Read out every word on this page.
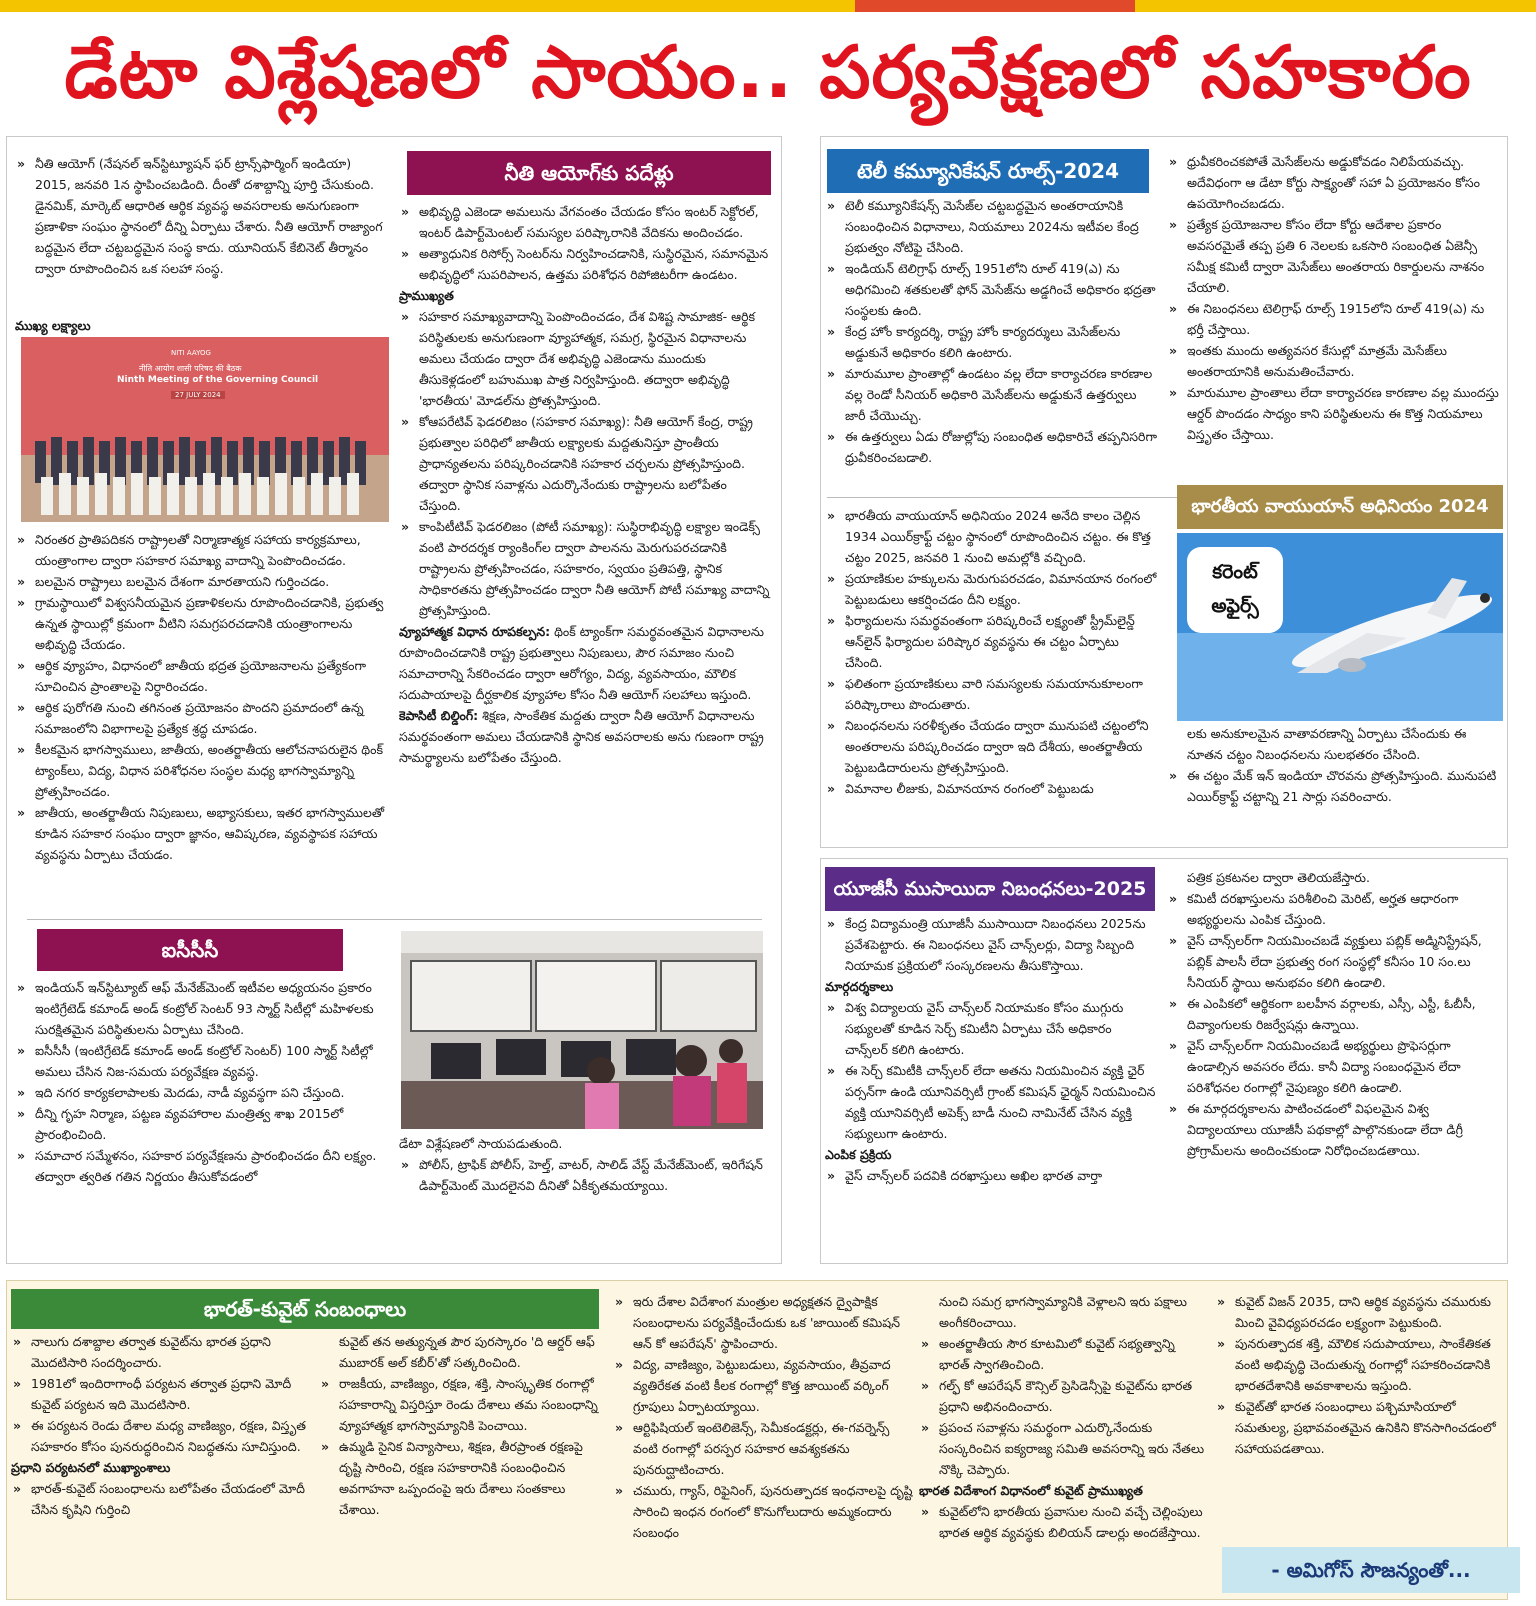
డేటా విశ్లేషణలో సాయం.. పర్యవేక్షణలో సహకారం
» నీతి ఆయోగ్ (నేషనల్ ఇన్‌స్టిట్యూషన్ ఫర్ ట్రాన్స్‌ఫార్మింగ్ ఇండియా) 2015, జనవరి 1న స్థాపించబడింది. దీంతో దశాబ్దాన్ని పూర్తి చేసుకుంది. డైనమిక్, మార్కెట్ ఆధారిత ఆర్థిక వ్యవస్థ అవసరాలకు అనుగుణంగా ప్రణాళికా సంఘం స్థానంలో దీన్ని ఏర్పాటు చేశారు. నీతి ఆయోగ్ రాజ్యాంగ బద్ధమైన లేదా చట్టబద్ధమైన సంస్థ కాదు. యూనియన్ కేబినెట్ తీర్మానం ద్వారా రూపొందించిన ఒక సలహా సంస్థ.
ముఖ్య లక్ష్యాలు
NITI AAYOG
नीति आयोग शासी परिषद की बैठक
Ninth Meeting of the Governing Council
27 JULY 2024
» నిరంతర ప్రాతిపదికన రాష్ట్రాలతో నిర్మాణాత్మక సహాయ కార్యక్రమాలు, యంత్రాంగాల ద్వారా సహకార సమాఖ్య వాదాన్ని పెంపొందించడం.
» బలమైన రాష్ట్రాలు బలమైన దేశంగా మారతాయని గుర్తించడం.
» గ్రామస్థాయిలో విశ్వసనీయమైన ప్రణాళికలను రూపొందించడానికి, ప్రభుత్వ ఉన్నత స్థాయిల్లో క్రమంగా వీటిని సమగ్రపరచడానికి యంత్రాంగాలను అభివృద్ధి చేయడం.
» ఆర్థిక వ్యూహం, విధానంలో జాతీయ భద్రత ప్రయోజనాలను ప్రత్యేకంగా సూచించిన ప్రాంతాలపై నిర్ధారించడం.
» ఆర్థిక పురోగతి నుంచి తగినంత ప్రయోజనం పొందని ప్రమాదంలో ఉన్న సమాజంలోని విభాగాలపై ప్రత్యేక శ్రద్ధ చూపడం.
» కీలకమైన భాగస్వాములు, జాతీయ, అంతర్జాతీయ ఆలోచనాపరులైన థింక్ ట్యాంక్‌లు, విద్య, విధాన పరిశోధనల సంస్థల మధ్య భాగస్వామ్యాన్ని ప్రోత్సహించడం.
» జాతీయ, అంతర్జాతీయ నిపుణులు, అభ్యాసకులు, ఇతర భాగస్వాములతో కూడిన సహకార సంఘం ద్వారా జ్ఞానం, ఆవిష్కరణ, వ్యవస్థాపక సహాయ వ్యవస్థను ఏర్పాటు చేయడం.
నీతి ఆయోగ్‌కు పదేళ్లు
» అభివృద్ధి ఎజెండా అమలును వేగవంతం చేయడం కోసం ఇంటర్ సెక్టోరల్, ఇంటర్ డిపార్ట్‌మెంటల్ సమస్యల పరిష్కారానికి వేదికను అందించడం.
» అత్యాధునిక రిసోర్స్ సెంటర్‌ను నిర్వహించడానికి, సుస్థిరమైన, సమానమైన అభివృద్ధిలో సుపరిపాలన, ఉత్తమ పరిశోధన రిపోజిటరీగా ఉండటం.
ప్రాముఖ్యత
» సహకార సమాఖ్యవాదాన్ని పెంపొందించడం, దేశ విశిష్ట సామాజిక- ఆర్థిక పరిస్థితులకు అనుగుణంగా వ్యూహాత్మక, సమగ్ర, స్థిరమైన విధానాలను అమలు చేయడం ద్వారా దేశ అభివృద్ధి ఎజెండాను ముందుకు తీసుకెళ్లడంలో బహుముఖ పాత్ర నిర్వహిస్తుంది. తద్వారా అభివృద్ధి 'భారతీయ' మోడల్‌ను ప్రోత్సహిస్తుంది.
» కోఆపరేటివ్ ఫెడరలిజం (సహకార సమాఖ్య): నీతి ఆయోగ్ కేంద్ర, రాష్ట్ర ప్రభుత్వాల పరిధిలో జాతీయ లక్ష్యాలకు మద్దతునిస్తూ ప్రాంతీయ ప్రాధాన్యతలను పరిష్కరించడానికి సహకార చర్చలను ప్రోత్సహిస్తుంది. తద్వారా స్థానిక సవాళ్లను ఎదుర్కొనేందుకు రాష్ట్రాలను బలోపేతం చేస్తుంది.
» కాంపిటీటివ్ ఫెడరలిజం (పోటీ సమాఖ్య): సుస్థిరాభివృద్ధి లక్ష్యాల ఇండెక్స్ వంటి పారదర్శక ర్యాంకింగ్‌ల ద్వారా పాలనను మెరుగుపరచడానికి రాష్ట్రాలను ప్రోత్సహించడం, సహకారం, స్వయం ప్రతిపత్తి, స్థానిక సాధికారతను ప్రోత్సహించడం ద్వారా నీతి ఆయోగ్ పోటీ సమాఖ్య వాదాన్ని ప్రోత్సహిస్తుంది.
వ్యూహాత్మక విధాన రూపకల్పన: థింక్ ట్యాంక్‌గా సమర్థవంతమైన విధానాలను రూపొందించడానికి రాష్ట్ర ప్రభుత్వాలు నిపుణులు, పౌర సమాజం నుంచి సమాచారాన్ని సేకరించడం ద్వారా ఆరోగ్యం, విద్య, వ్యవసాయం, మౌలిక సదుపాయాలపై దీర్ఘకాలిక వ్యూహాల కోసం నీతి ఆయోగ్ సలహాలు ఇస్తుంది.
కెపాసిటీ బిల్డింగ్: శిక్షణ, సాంకేతిక మద్దతు ద్వారా నీతి ఆయోగ్ విధానాలను సమర్థవంతంగా అమలు చేయడానికి స్థానిక అవసరాలకు అను గుణంగా రాష్ట్ర సామర్థ్యాలను బలోపేతం చేస్తుంది.
ఐసీసీసీ
» ఇండియన్ ఇన్‌స్టిట్యూట్ ఆఫ్ మేనేజ్‌మెంట్ ఇటీవల అధ్యయనం ప్రకారం ఇంటిగ్రేటెడ్ కమాండ్ అండ్ కంట్రోల్ సెంటర్ 93 స్మార్ట్ సిటీల్లో మహిళలకు సురక్షితమైన పరిస్థితులను ఏర్పాటు చేసింది.
» ఐసీసీసీ (ఇంటిగ్రేటెడ్ కమాండ్ అండ్ కంట్రోల్ సెంటర్) 100 స్మార్ట్ సిటీల్లో అమలు చేసిన నిజ-సమయ పర్యవేక్షణ వ్యవస్థ.
» ఇది నగర కార్యకలాపాలకు మెదడు, నాడీ వ్యవస్థగా పని చేస్తుంది.
» దీన్ని గృహ నిర్మాణ, పట్టణ వ్యవహారాల మంత్రిత్వ శాఖ 2015లో ప్రారంభించింది.
» సమాచార సమ్మేళనం, సహకార పర్యవేక్షణను ప్రారంభించడం దీని లక్ష్యం. తద్వారా త్వరిత గతిన నిర్ణయం తీసుకోవడంలో
డేటా విశ్లేషణలో సాయపడుతుంది.
» పోలీస్, ట్రాఫిక్ పోలీస్, హెల్త్, వాటర్, సాలిడ్ వేస్ట్ మేనేజ్‌మెంట్, ఇరిగేషన్ డిపార్ట్‌మెంట్ మొదలైనవి దీనితో ఏకీకృతమయ్యాయి.
టెలీ కమ్యూనికేషన్ రూల్స్-2024
» టెలీ కమ్యూనికేషన్స్ మెసేజ్‌ల చట్టబద్ధమైన అంతరాయానికి సంబంధించిన విధానాలు, నియమాలు 2024ను ఇటీవల కేంద్ర ప్రభుత్వం నోటిఫై చేసింది.
» ఇండియన్ టెలిగ్రాఫ్ రూల్స్ 1951లోని రూల్ 419(ఎ) ను అధిగమించి శతకులతో ఫోన్ మెసేజ్‌ను అడ్డగించే అధికారం భద్రతా సంస్థలకు ఉంది.
» కేంద్ర హోం కార్యదర్శి, రాష్ట్ర హోం కార్యదర్శులు మెసేజ్‌లను అడ్డుకునే అధికారం కలిగి ఉంటారు.
» మారుమూల ప్రాంతాల్లో ఉండటం వల్ల లేదా కార్యాచరణ కారణాల వల్ల రెండో సీనియర్ అధికారి మెసేజ్‌లను అడ్డుకునే ఉత్తర్వులు జారీ చేయొచ్చు.
» ఈ ఉత్తర్వులు ఏడు రోజుల్లోపు సంబంధిత అధికారిచే తప్పనిసరిగా ధ్రువీకరించబడాలి.
» ధ్రువీకరించకపోతే మెసేజ్‌లను అడ్డుకోవడం నిలిపేయవచ్చు. అదేవిధంగా ఆ డేటా కోర్టు సాక్ష్యంతో సహా ఏ ప్రయోజనం కోసం ఉపయోగించబడదు.
» ప్రత్యేక ప్రయోజనాల కోసం లేదా కోర్టు ఆదేశాల ప్రకారం అవసరమైతే తప్ప ప్రతి 6 నెలలకు ఒకసారి సంబంధిత ఏజెన్సీ సమీక్ష కమిటీ ద్వారా మెసేజ్‌లు అంతరాయ రికార్డులను నాశనం చేయాలి.
» ఈ నిబంధనలు టెలిగ్రాఫ్ రూల్స్ 1915లోని రూల్ 419(ఎ) ను భర్తీ చేస్తాయి.
» ఇంతకు ముందు అత్యవసర కేసుల్లో మాత్రమే మెసేజ్‌లు అంతరాయానికి అనుమతించేవారు.
» మారుమూల ప్రాంతాలు లేదా కార్యాచరణ కారణాల వల్ల ముందస్తు ఆర్డర్ పొందడం సాధ్యం కాని పరిస్థితులను ఈ కొత్త నియమాలు విస్తృతం చేస్తాయి.
» భారతీయ వాయుయాన్ అధినియం 2024 అనేది కాలం చెల్లిన 1934 ఎయిర్‌క్రాఫ్ట్ చట్టం స్థానంలో రూపొందించిన చట్టం. ఈ కొత్త చట్టం 2025, జనవరి 1 నుంచి అమల్లోకి వచ్చింది.
» ప్రయాణికుల హక్కులను మెరుగుపరచడం, విమానయాన రంగంలో పెట్టుబడులు ఆకర్షించడం దీని లక్ష్యం.
» ఫిర్యాదులను సమర్థవంతంగా పరిష్కరించే లక్ష్యంతో స్ట్రీమ్‌లైన్డ్ ఆన్‌లైన్ ఫిర్యాదుల పరిష్కార వ్యవస్థను ఈ చట్టం ఏర్పాటు చేసింది.
» ఫలితంగా ప్రయాణికులు వారి సమస్యలకు సమయానుకూలంగా పరిష్కారాలు పొందుతారు.
» నిబంధనలను సరళీకృతం చేయడం ద్వారా మునుపటి చట్టంలోని అంతరాలను పరిష్కరించడం ద్వారా ఇది దేశీయ, అంతర్జాతీయ పెట్టుబడిదారులను ప్రోత్సహిస్తుంది.
» విమానాల లీజుకు, విమానయాన రంగంలో పెట్టుబడు
భారతీయ వాయుయాన్ అధినియం 2024
కరెంట్ అఫైర్స్
లకు అనుకూలమైన వాతావరణాన్ని ఏర్పాటు చేసేందుకు ఈ నూతన చట్టం నిబంధనలను సులభతరం చేసింది.
» ఈ చట్టం మేక్ ఇన్ ఇండియా చొరవను ప్రోత్సహిస్తుంది. మునుపటి ఎయిర్‌క్రాఫ్ట్ చట్టాన్ని 21 సార్లు సవరించారు.
యూజీసీ ముసాయిదా నిబంధనలు-2025
» కేంద్ర విద్యామంత్రి యూజీసీ ముసాయిదా నిబంధనలు 2025ను ప్రవేశపెట్టారు. ఈ నిబంధనలు వైస్ చాన్స్‌లర్లు, విద్యా సిబ్బంది నియామక ప్రక్రియలో సంస్కరణలను తీసుకొస్తాయి.
మార్గదర్శకాలు
» విశ్వ విద్యాలయ వైస్ చాన్స్‌లర్ నియామకం కోసం ముగ్గురు సభ్యులతో కూడిన సెర్చ్ కమిటీని ఏర్పాటు చేసే అధికారం చాన్స్‌లర్ కలిగి ఉంటారు.
» ఈ సెర్చ్ కమిటీకి చాన్స్‌లర్ లేదా అతను నియమించిన వ్యక్తి ఛైర్ పర్సన్‌గా ఉండి యూనివర్సిటీ గ్రాంట్ కమిషన్ ఛైర్మన్ నియమించిన వ్యక్తి యూనివర్సిటీ అపెక్స్ బాడీ నుంచి నామినేట్ చేసిన వ్యక్తి సభ్యులుగా ఉంటారు.
ఎంపిక ప్రక్రియ
» వైస్ చాన్స్‌లర్ పదవికి దరఖాస్తులు అఖిల భారత వార్తా
పత్రిక ప్రకటనల ద్వారా తెలియజేస్తారు.
» కమిటీ దరఖాస్తులను పరిశీలించి మెరిట్, అర్హత ఆధారంగా అభ్యర్థులను ఎంపిక చేస్తుంది.
» వైస్ చాన్స్‌లర్‌గా నియమించబడే వ్యక్తులు పబ్లిక్ అడ్మినిస్ట్రేషన్, పబ్లిక్ పాలసీ లేదా ప్రభుత్వ రంగ సంస్థల్లో కనీసం 10 సం.లు సీనియర్ స్థాయి అనుభవం కలిగి ఉండాలి.
» ఈ ఎంపికలో ఆర్థికంగా బలహీన వర్గాలకు, ఎస్సీ, ఎస్టీ, ఓబీసీ, దివ్యాంగులకు రిజర్వేషన్లు ఉన్నాయి.
» వైస్ చాన్స్‌లర్‌గా నియమించబడే అభ్యర్థులు ప్రొఫెసర్లుగా ఉండాల్సిన అవసరం లేదు. కానీ విద్యా సంబంధమైన లేదా పరిశోధనల రంగాల్లో నైపుణ్యం కలిగి ఉండాలి.
» ఈ మార్గదర్శకాలను పాటించడంలో విఫలమైన విశ్వ విద్యాలయాలు యూజీసీ పథకాల్లో పాల్గొనకుండా లేదా డిగ్రీ ప్రోగ్రామ్‌లను అందించకుండా నిరోధించబడతాయి.
భారత్-కువైట్ సంబంధాలు
» నాలుగు దశాబ్దాల తర్వాత కువైట్‌ను భారత ప్రధాని మొదటిసారి సందర్శించారు.
» 1981లో ఇందిరాగాంధీ పర్యటన తర్వాత ప్రధాని మోదీ కువైట్ పర్యటన ఇది మొదటిసారి.
» ఈ పర్యటన రెండు దేశాల మధ్య వాణిజ్యం, రక్షణ, విస్తృత సహకారం కోసం పునరుద్ధరించిన నిబద్ధతను సూచిస్తుంది.
ప్రధాని పర్యటనలో ముఖ్యాంశాలు
» భారత్-కువైట్ సంబంధాలను బలోపేతం చేయడంలో మోదీ చేసిన కృషిని గుర్తించి
కువైట్ తన అత్యున్నత పౌర పురస్కారం 'ది ఆర్డర్ ఆఫ్ ముబారక్ అల్ కబీర్'తో సత్కరించింది.
» రాజకీయ, వాణిజ్యం, రక్షణ, శక్తి, సాంస్కృతిక రంగాల్లో సహకారాన్ని విస్తరిస్తూ రెండు దేశాలు తమ సంబంధాన్ని వ్యూహాత్మక భాగస్వామ్యానికి పెంచాయి.
» ఉమ్మడి సైనిక విన్యాసాలు, శిక్షణ, తీరప్రాంత రక్షణపై దృష్టి సారించి, రక్షణ సహకారానికి సంబంధించిన అవగాహనా ఒప్పందంపై ఇరు దేశాలు సంతకాలు చేశాయి.
» ఇరు దేశాల విదేశాంగ మంత్రుల అధ్యక్షతన ద్వైపాక్షిక సంబంధాలను పర్యవేక్షించేందుకు ఒక 'జాయింట్ కమిషన్ ఆన్ కో ఆపరేషన్' స్థాపించారు.
» విద్య, వాణిజ్యం, పెట్టుబడులు, వ్యవసాయం, తీవ్రవాద వ్యతిరేకత వంటి కీలక రంగాల్లో కొత్త జాయింట్ వర్కింగ్ గ్రూపులు ఏర్పాటయ్యాయి.
» ఆర్టిఫిషియల్ ఇంటెలిజెన్స్, సెమీకండక్టర్లు, ఈ-గవర్నెన్స్ వంటి రంగాల్లో పరస్పర సహకార ఆవశ్యకతను పునరుద్ఘాటించారు.
» చమురు, గ్యాస్, రిఫైనింగ్, పునరుత్పాదక ఇంధనాలపై దృష్టి సారించి ఇంధన రంగంలో కొనుగోలుదారు అమ్మకందారు సంబంధం
నుంచి సమగ్ర భాగస్వామ్యానికి వెళ్లాలని ఇరు పక్షాలు అంగీకరించాయి.
» అంతర్జాతీయ సౌర కూటమిలో కువైట్ సభ్యత్వాన్ని భారత్ స్వాగతించింది.
» గల్ఫ్ కో ఆపరేషన్ కౌన్సిల్ ప్రెసిడెన్సీపై కువైట్‌ను భారత ప్రధాని అభినందించారు.
» ప్రపంచ సవాళ్లను సమర్థంగా ఎదుర్కొనేందుకు సంస్కరించిన ఐక్యరాజ్య సమితి అవసరాన్ని ఇరు నేతలు నొక్కి చెప్పారు.
భారత విదేశాంగ విధానంలో కువైట్ ప్రాముఖ్యత
» కువైట్‌లోని భారతీయ ప్రవాసుల నుంచి వచ్చే చెల్లింపులు భారత ఆర్థిక వ్యవస్థకు బిలియన్ డాలర్లు అందజేస్తాయి.
» కువైట్ విజన్ 2035, దాని ఆర్థిక వ్యవస్థను చమురుకు మించి వైవిధ్యపరచడం లక్ష్యంగా పెట్టుకుంది.
» పునరుత్పాదక శక్తి, మౌలిక సదుపాయాలు, సాంకేతికత వంటి అభివృద్ధి చెందుతున్న రంగాల్లో సహకరించడానికి భారతదేశానికి అవకాశాలను ఇస్తుంది.
» కువైట్‌తో భారత సంబంధాలు పశ్చిమాసియాలో సమతుల్య, ప్రభావవంతమైన ఉనికిని కొనసాగించడంలో సహాయపడతాయి.
- అమిగోస్ సౌజన్యంతో...
